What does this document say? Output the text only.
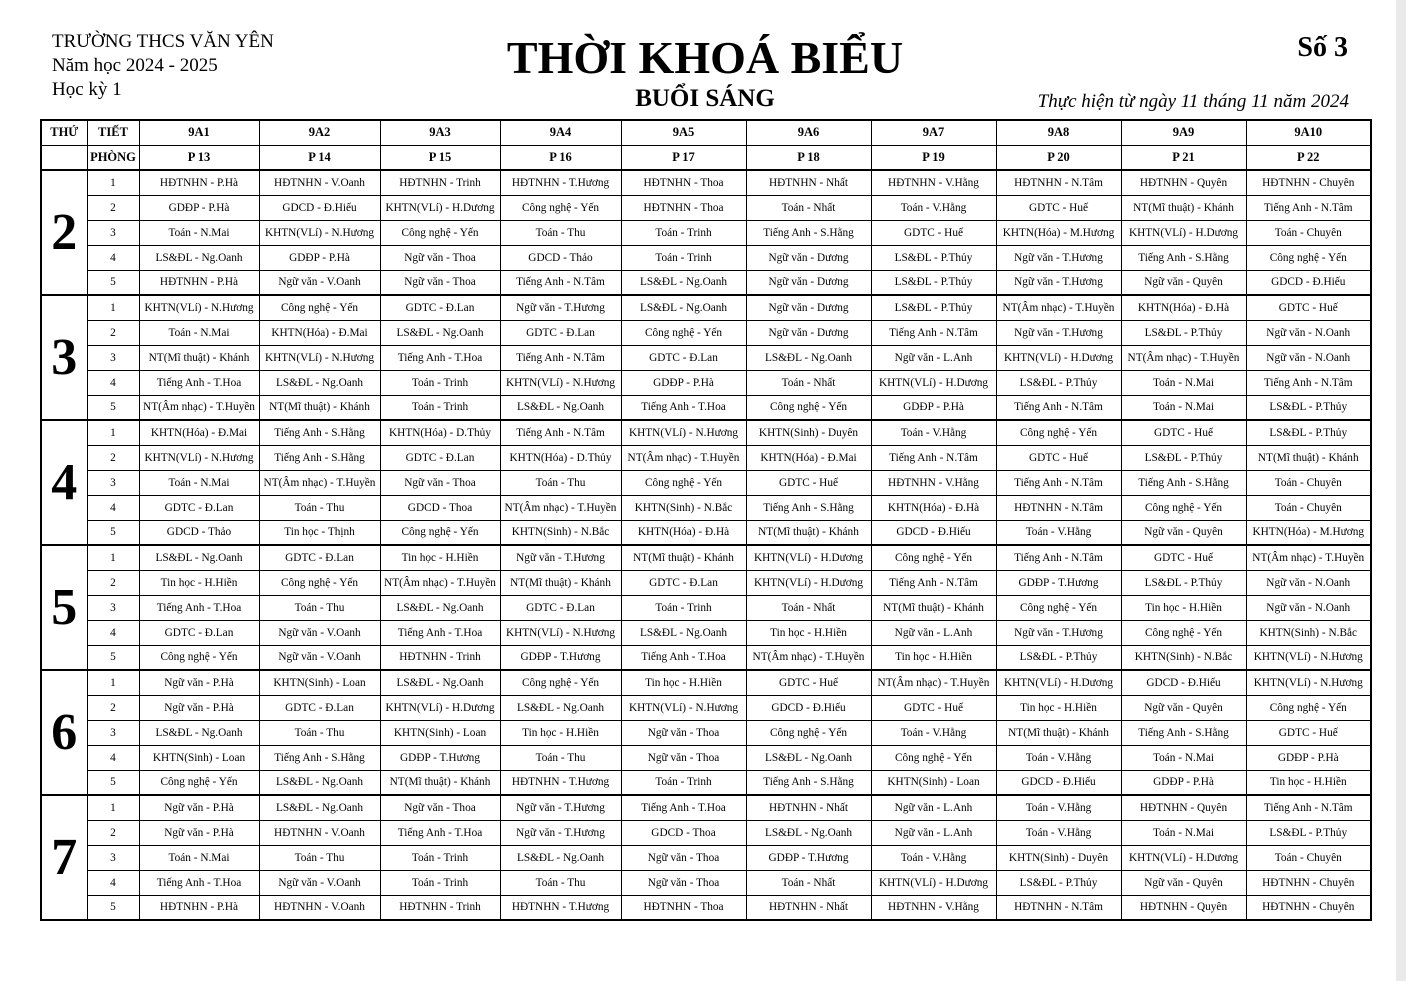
TRƯỜNG THCS VĂN YÊN
Năm học 2024 - 2025
Học kỳ 1
THỜI KHOÁ BIỂU
BUỔI SÁNG
Số 3
Thực hiện từ ngày 11 tháng 11 năm 2024
THỨ	TIẾT	9A1	9A2	9A3	9A4	9A5	9A6	9A7	9A8	9A9	9A10
	PHÒNG	P 13	P 14	P 15	P 16	P 17	P 18	P 19	P 20	P 21	P 22
2	1	HĐTNHN - P.Hà	HĐTNHN - V.Oanh	HĐTNHN - Trinh	HĐTNHN - T.Hương	HĐTNHN - Thoa	HĐTNHN - Nhất	HĐTNHN - V.Hằng	HĐTNHN - N.Tâm	HĐTNHN - Quyên	HĐTNHN - Chuyên
	2	GDĐP - P.Hà	GDCD - Đ.Hiếu	KHTN(VLí) - H.Dương	Công nghệ - Yến	HĐTNHN - Thoa	Toán - Nhất	Toán - V.Hằng	GDTC - Huế	NT(Mĩ thuật) - Khánh	Tiếng Anh - N.Tâm
	3	Toán - N.Mai	KHTN(VLí) - N.Hương	Công nghệ - Yến	Toán - Thu	Toán - Trinh	Tiếng Anh - S.Hằng	GDTC - Huế	KHTN(Hóa) - M.Hương	KHTN(VLí) - H.Dương	Toán - Chuyên
	4	LS&ĐL - Ng.Oanh	GDĐP - P.Hà	Ngữ văn - Thoa	GDCD - Thảo	Toán - Trinh	Ngữ văn - Dương	LS&ĐL - P.Thủy	Ngữ văn - T.Hương	Tiếng Anh - S.Hằng	Công nghệ - Yến
	5	HĐTNHN - P.Hà	Ngữ văn - V.Oanh	Ngữ văn - Thoa	Tiếng Anh - N.Tâm	LS&ĐL - Ng.Oanh	Ngữ văn - Dương	LS&ĐL - P.Thủy	Ngữ văn - T.Hương	Ngữ văn - Quyên	GDCD - Đ.Hiếu
3	1	KHTN(VLí) - N.Hương	Công nghệ - Yến	GDTC - Đ.Lan	Ngữ văn - T.Hương	LS&ĐL - Ng.Oanh	Ngữ văn - Dương	LS&ĐL - P.Thủy	NT(Âm nhạc) - T.Huyền	KHTN(Hóa) - Đ.Hà	GDTC - Huế
	2	Toán - N.Mai	KHTN(Hóa) - Đ.Mai	LS&ĐL - Ng.Oanh	GDTC - Đ.Lan	Công nghệ - Yến	Ngữ văn - Dương	Tiếng Anh - N.Tâm	Ngữ văn - T.Hương	LS&ĐL - P.Thủy	Ngữ văn - N.Oanh
	3	NT(Mĩ thuật) - Khánh	KHTN(VLí) - N.Hương	Tiếng Anh - T.Hoa	Tiếng Anh - N.Tâm	GDTC - Đ.Lan	LS&ĐL - Ng.Oanh	Ngữ văn - L.Anh	KHTN(VLí) - H.Dương	NT(Âm nhạc) - T.Huyền	Ngữ văn - N.Oanh
	4	Tiếng Anh - T.Hoa	LS&ĐL - Ng.Oanh	Toán - Trinh	KHTN(VLí) - N.Hương	GDĐP - P.Hà	Toán - Nhất	KHTN(VLí) - H.Dương	LS&ĐL - P.Thủy	Toán - N.Mai	Tiếng Anh - N.Tâm
	5	NT(Âm nhạc) - T.Huyền	NT(Mĩ thuật) - Khánh	Toán - Trinh	LS&ĐL - Ng.Oanh	Tiếng Anh - T.Hoa	Công nghệ - Yến	GDĐP - P.Hà	Tiếng Anh - N.Tâm	Toán - N.Mai	LS&ĐL - P.Thủy
4	1	KHTN(Hóa) - Đ.Mai	Tiếng Anh - S.Hằng	KHTN(Hóa) - D.Thủy	Tiếng Anh - N.Tâm	KHTN(VLí) - N.Hương	KHTN(Sinh) - Duyên	Toán - V.Hằng	Công nghệ - Yến	GDTC - Huế	LS&ĐL - P.Thủy
	2	KHTN(VLí) - N.Hương	Tiếng Anh - S.Hằng	GDTC - Đ.Lan	KHTN(Hóa) - D.Thủy	NT(Âm nhạc) - T.Huyền	KHTN(Hóa) - Đ.Mai	Tiếng Anh - N.Tâm	GDTC - Huế	LS&ĐL - P.Thủy	NT(Mĩ thuật) - Khánh
	3	Toán - N.Mai	NT(Âm nhạc) - T.Huyền	Ngữ văn - Thoa	Toán - Thu	Công nghệ - Yến	GDTC - Huế	HĐTNHN - V.Hằng	Tiếng Anh - N.Tâm	Tiếng Anh - S.Hằng	Toán - Chuyên
	4	GDTC - Đ.Lan	Toán - Thu	GDCD - Thoa	NT(Âm nhạc) - T.Huyền	KHTN(Sinh) - N.Bắc	Tiếng Anh - S.Hằng	KHTN(Hóa) - Đ.Hà	HĐTNHN - N.Tâm	Công nghệ - Yến	Toán - Chuyên
	5	GDCD - Thảo	Tin học - Thịnh	Công nghệ - Yến	KHTN(Sinh) - N.Bắc	KHTN(Hóa) - Đ.Hà	NT(Mĩ thuật) - Khánh	GDCD - Đ.Hiếu	Toán - V.Hằng	Ngữ văn - Quyên	KHTN(Hóa) - M.Hương
5	1	LS&ĐL - Ng.Oanh	GDTC - Đ.Lan	Tin học - H.Hiền	Ngữ văn - T.Hương	NT(Mĩ thuật) - Khánh	KHTN(VLí) - H.Dương	Công nghệ - Yến	Tiếng Anh - N.Tâm	GDTC - Huế	NT(Âm nhạc) - T.Huyền
	2	Tin học - H.Hiền	Công nghệ - Yến	NT(Âm nhạc) - T.Huyền	NT(Mĩ thuật) - Khánh	GDTC - Đ.Lan	KHTN(VLí) - H.Dương	Tiếng Anh - N.Tâm	GDĐP - T.Hương	LS&ĐL - P.Thủy	Ngữ văn - N.Oanh
	3	Tiếng Anh - T.Hoa	Toán - Thu	LS&ĐL - Ng.Oanh	GDTC - Đ.Lan	Toán - Trinh	Toán - Nhất	NT(Mĩ thuật) - Khánh	Công nghệ - Yến	Tin học - H.Hiền	Ngữ văn - N.Oanh
	4	GDTC - Đ.Lan	Ngữ văn - V.Oanh	Tiếng Anh - T.Hoa	KHTN(VLí) - N.Hương	LS&ĐL - Ng.Oanh	Tin học - H.Hiền	Ngữ văn - L.Anh	Ngữ văn - T.Hương	Công nghệ - Yến	KHTN(Sinh) - N.Bắc
	5	Công nghệ - Yến	Ngữ văn - V.Oanh	HĐTNHN - Trinh	GDĐP - T.Hương	Tiếng Anh - T.Hoa	NT(Âm nhạc) - T.Huyền	Tin học - H.Hiền	LS&ĐL - P.Thủy	KHTN(Sinh) - N.Bắc	KHTN(VLí) - N.Hương
6	1	Ngữ văn - P.Hà	KHTN(Sinh) - Loan	LS&ĐL - Ng.Oanh	Công nghệ - Yến	Tin học - H.Hiền	GDTC - Huế	NT(Âm nhạc) - T.Huyền	KHTN(VLí) - H.Dương	GDCD - Đ.Hiếu	KHTN(VLí) - N.Hương
	2	Ngữ văn - P.Hà	GDTC - Đ.Lan	KHTN(VLí) - H.Dương	LS&ĐL - Ng.Oanh	KHTN(VLí) - N.Hương	GDCD - Đ.Hiếu	GDTC - Huế	Tin học - H.Hiền	Ngữ văn - Quyên	Công nghệ - Yến
	3	LS&ĐL - Ng.Oanh	Toán - Thu	KHTN(Sinh) - Loan	Tin học - H.Hiền	Ngữ văn - Thoa	Công nghệ - Yến	Toán - V.Hằng	NT(Mĩ thuật) - Khánh	Tiếng Anh - S.Hằng	GDTC - Huế
	4	KHTN(Sinh) - Loan	Tiếng Anh - S.Hằng	GDĐP - T.Hương	Toán - Thu	Ngữ văn - Thoa	LS&ĐL - Ng.Oanh	Công nghệ - Yến	Toán - V.Hằng	Toán - N.Mai	GDĐP - P.Hà
	5	Công nghệ - Yến	LS&ĐL - Ng.Oanh	NT(Mĩ thuật) - Khánh	HĐTNHN - T.Hương	Toán - Trinh	Tiếng Anh - S.Hằng	KHTN(Sinh) - Loan	GDCD - Đ.Hiếu	GDĐP - P.Hà	Tin học - H.Hiền
7	1	Ngữ văn - P.Hà	LS&ĐL - Ng.Oanh	Ngữ văn - Thoa	Ngữ văn - T.Hương	Tiếng Anh - T.Hoa	HĐTNHN - Nhất	Ngữ văn - L.Anh	Toán - V.Hằng	HĐTNHN - Quyên	Tiếng Anh - N.Tâm
	2	Ngữ văn - P.Hà	HĐTNHN - V.Oanh	Tiếng Anh - T.Hoa	Ngữ văn - T.Hương	GDCD - Thoa	LS&ĐL - Ng.Oanh	Ngữ văn - L.Anh	Toán - V.Hằng	Toán - N.Mai	LS&ĐL - P.Thủy
	3	Toán - N.Mai	Toán - Thu	Toán - Trinh	LS&ĐL - Ng.Oanh	Ngữ văn - Thoa	GDĐP - T.Hương	Toán - V.Hằng	KHTN(Sinh) - Duyên	KHTN(VLí) - H.Dương	Toán - Chuyên
	4	Tiếng Anh - T.Hoa	Ngữ văn - V.Oanh	Toán - Trinh	Toán - Thu	Ngữ văn - Thoa	Toán - Nhất	KHTN(VLí) - H.Dương	LS&ĐL - P.Thủy	Ngữ văn - Quyên	HĐTNHN - Chuyên
	5	HĐTNHN - P.Hà	HĐTNHN - V.Oanh	HĐTNHN - Trinh	HĐTNHN - T.Hương	HĐTNHN - Thoa	HĐTNHN - Nhất	HĐTNHN - V.Hằng	HĐTNHN - N.Tâm	HĐTNHN - Quyên	HĐTNHN - Chuyên
